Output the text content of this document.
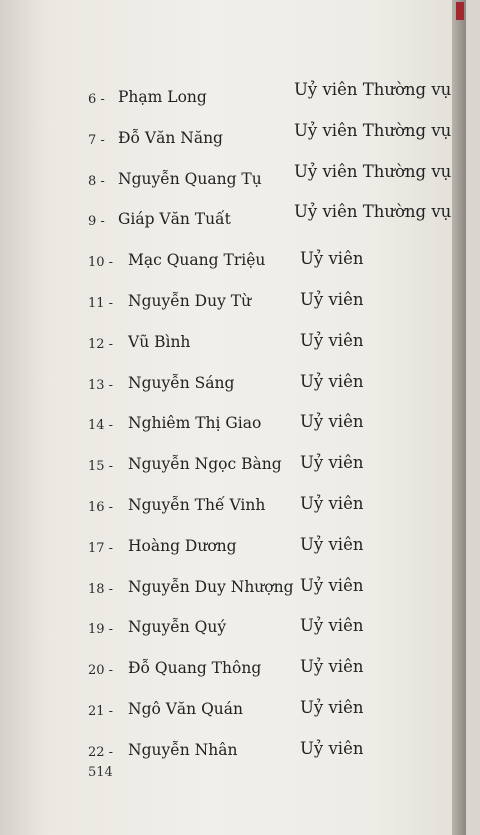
6 - Phạm Long	Uỷ viên Thường vụ
7 - Đỗ Văn Năng	Uỷ viên Thường vụ
8 - Nguyễn Quang Tụ Uỷ viên Thường vụ
9 - Giáp Văn Tuất	Uỷ viên Thường vụ
10 - Mạc Quang Triệu Uỷ viên
11 - Nguyễn Duy Từ	Uỷ viên
12 - Vũ Bình	Uỷ viên
13 - Nguyễn Sáng	Uỷ viên
14 - Nghiêm Thị Giao Uỷ viên
15 - Nguyễn Ngọc Bàng Uỷ viên
16 - Nguyễn Thế Vinh Uỷ viên
17 - Hoàng Dương	Uỷ viên
18 - Nguyễn Duy Nhượng Uỷ viên
19 - Nguyễn Quý	Uỷ viên
20 - Đỗ Quang Thông Uỷ viên
21 - Ngô Văn Quán	Uỷ viên
22 - Nguyễn Nhân	Uỷ viên
514
